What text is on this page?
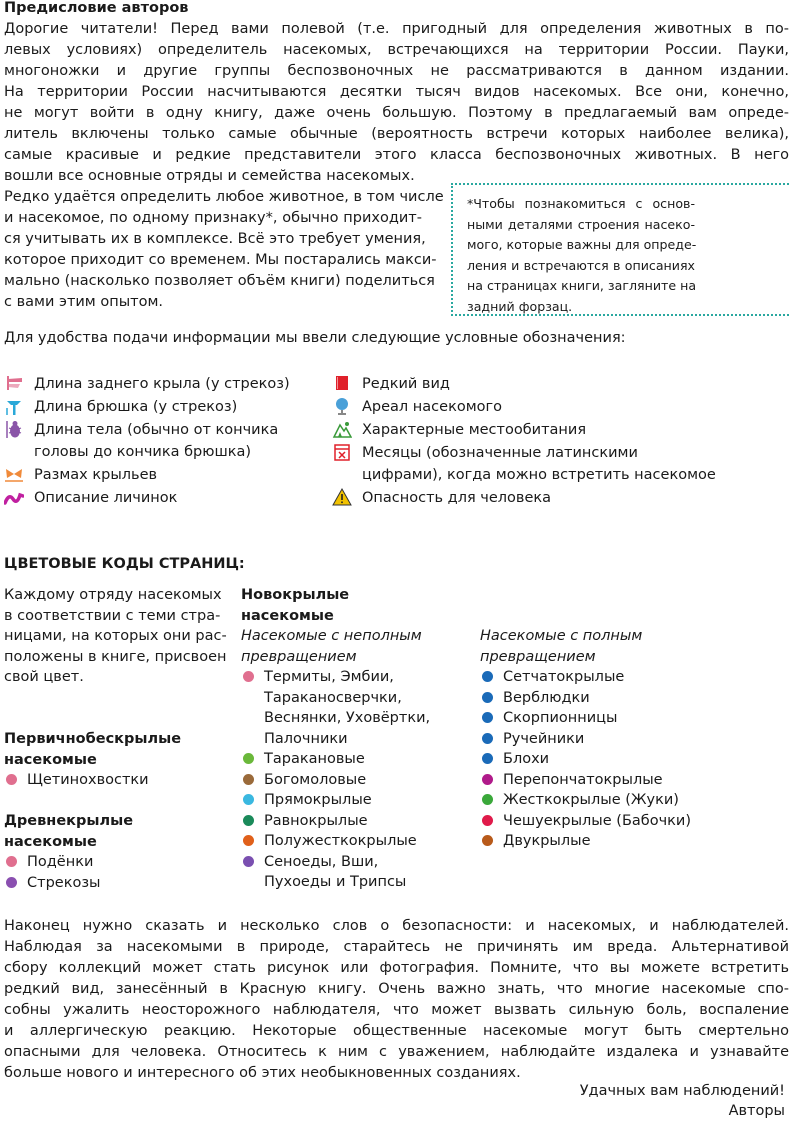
Предисловие авторов
Дорогие читатели! Перед вами полевой (т.е. пригодный для определения животных в по-
левых условиях) определитель насекомых, встречающихся на территории России. Пауки,
многоножки и другие группы беспозвоночных не рассматриваются в данном издании.
На территории России насчитываются десятки тысяч видов насекомых. Все они, конечно,
не могут войти в одну книгу, даже очень большую. Поэтому в предлагаемый вам опреде-
литель включены только самые обычные (вероятность встречи которых наиболее велика),
самые красивые и редкие представители этого класса беспозвоночных животных. В него
вошли все основные отряды и семейства насекомых.
Редко удаётся определить любое животное, в том числе
и насекомое, по одному признаку*, обычно приходит-
ся учитывать их в комплексе. Всё это требует умения,
которое приходит со временем. Мы постарались макси-
мально (насколько позволяет объём книги) поделиться
с вами этим опытом.
*Чтобы познакомиться с основ-
ными деталями строения насеко-
мого, которые важны для опреде-
ления и встречаются в описаниях
на страницах книги, загляните на
задний форзац.
Для удобства подачи информации мы ввели следующие условные обозначения:
Длина заднего крыла (у стрекоз)
Длина брюшка (у стрекоз)
Длина тела (обычно от кончика
головы до кончика брюшка)
Размах крыльев
Описание личинок
Редкий вид
Ареал насекомого
Характерные местообитания
Месяцы (обозначенные латинскими
цифрами), когда можно встретить насекомое
Опасность для человека
ЦВЕТОВЫЕ КОДЫ СТРАНИЦ:
Каждому отряду насекомых
в соответствии с теми стра-
ницами, на которых они рас-
положены в книге, присвоен
свой цвет.
Первичнобескрылые
насекомые
Щетинохвостки
Древнекрылые
насекомые
Подёнки
Стрекозы
Новокрылые
насекомые
Насекомые с неполным
превращением
Термиты, Эмбии,
Тараканосверчки,
Веснянки, Уховёртки,
Палочники
Таракановые
Богомоловые
Прямокрылые
Равнокрылые
Полужесткокрылые
Сеноеды, Вши,
Пухоеды и Трипсы
Насекомые с полным
превращением
Сетчатокрылые
Верблюдки
Скорпионницы
Ручейники
Блохи
Перепончатокрылые
Жесткокрылые (Жуки)
Чешуекрылые (Бабочки)
Двукрылые
Наконец нужно сказать и несколько слов о безопасности: и насекомых, и наблюдателей.
Наблюдая за насекомыми в природе, старайтесь не причинять им вреда. Альтернативой
сбору коллекций может стать рисунок или фотография. Помните, что вы можете встретить
редкий вид, занесённый в Красную книгу. Очень важно знать, что многие насекомые спо-
собны ужалить неосторожного наблюдателя, что может вызвать сильную боль, воспаление
и аллергическую реакцию. Некоторые общественные насекомые могут быть смертельно
опасными для человека. Относитесь к ним с уважением, наблюдайте издалека и узнавайте
больше нового и интересного об этих необыкновенных созданиях.
Удачных вам наблюдений!
Авторы
